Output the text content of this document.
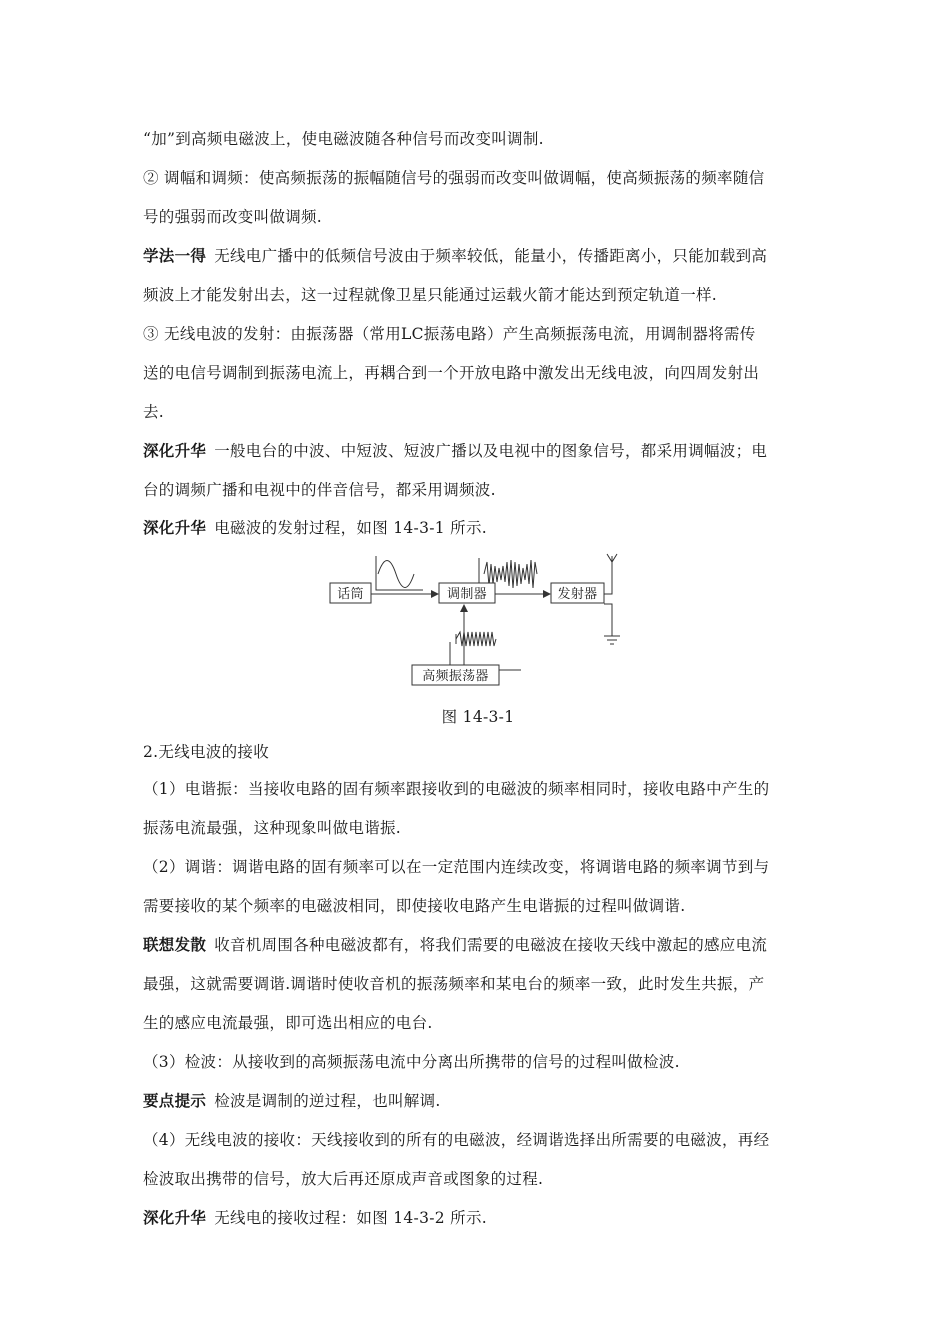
“加”到高频电磁波上，使电磁波随各种信号而改变叫调制.
② 调幅和调频：使高频振荡的振幅随信号的强弱而改变叫做调幅，使高频振荡的频率随信
号的强弱而改变叫做调频.
学法一得 无线电广播中的低频信号波由于频率较低，能量小，传播距离小，只能加载到高
频波上才能发射出去，这一过程就像卫星只能通过运载火箭才能达到预定轨道一样.
③ 无线电波的发射：由振荡器（常用LC振荡电路）产生高频振荡电流，用调制器将需传
送的电信号调制到振荡电流上，再耦合到一个开放电路中激发出无线电波，向四周发射出
去.
深化升华 一般电台的中波、中短波、短波广播以及电视中的图象信号，都采用调幅波；电
台的调频广播和电视中的伴音信号，都采用调频波.
深化升华 电磁波的发射过程，如图 14-3-1 所示.
话筒	调制器	发射器
高频振荡器
图 14-3-1
2.无线电波的接收
（1）电谐振：当接收电路的固有频率跟接收到的电磁波的频率相同时，接收电路中产生的
振荡电流最强，这种现象叫做电谐振.
（2）调谐：调谐电路的固有频率可以在一定范围内连续改变，将调谐电路的频率调节到与
需要接收的某个频率的电磁波相同，即使接收电路产生电谐振的过程叫做调谐.
联想发散 收音机周围各种电磁波都有，将我们需要的电磁波在接收天线中激起的感应电流
最强，这就需要调谐.调谐时使收音机的振荡频率和某电台的频率一致，此时发生共振，产
生的感应电流最强，即可选出相应的电台.
（3）检波：从接收到的高频振荡电流中分离出所携带的信号的过程叫做检波.
要点提示 检波是调制的逆过程，也叫解调.
（4）无线电波的接收：天线接收到的所有的电磁波，经调谐选择出所需要的电磁波，再经
检波取出携带的信号，放大后再还原成声音或图象的过程.
深化升华 无线电的接收过程：如图 14-3-2 所示.
